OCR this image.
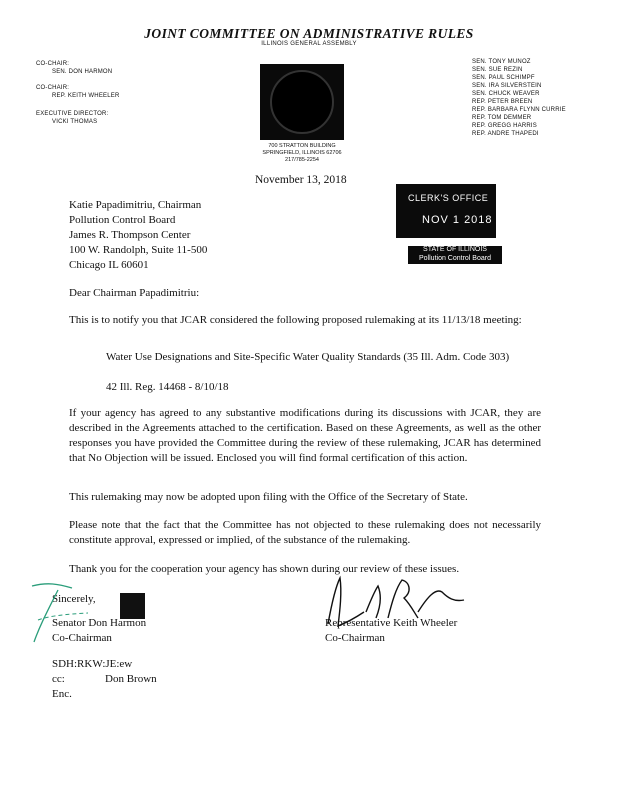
JOINT COMMITTEE ON ADMINISTRATIVE RULES
ILLINOIS GENERAL ASSEMBLY
CO-CHAIR:
SEN. DON HARMON
CO-CHAIR:
REP. KEITH WHEELER
EXECUTIVE DIRECTOR:
VICKI THOMAS
SEN. TONY MUNOZ
SEN. SUE REZIN
SEN. PAUL SCHIMPF
SEN. IRA SILVERSTEIN
SEN. CHUCK WEAVER
REP. PETER BREEN
REP. BARBARA FLYNN CURRIE
REP. TOM DEMMER
REP. GREGG HARRIS
REP. ANDRE THAPEDI
700 STRATTON BUILDING
SPRINGFIELD, ILLINOIS 62706
217/785-2254
November 13, 2018
CLERK'S OFFICE
NOV 1 2018
STATE OF ILLINOIS
Pollution Control Board
Katie Papadimitriu, Chairman
Pollution Control Board
James R. Thompson Center
100 W. Randolph, Suite 11-500
Chicago IL 60601
Dear Chairman Papadimitriu:
This is to notify you that JCAR considered the following proposed rulemaking at its 11/13/18 meeting:
Water Use Designations and Site-Specific Water Quality Standards (35 Ill. Adm. Code 303)
42 Ill. Reg. 14468 - 8/10/18
If your agency has agreed to any substantive modifications during its discussions with JCAR, they are described in the Agreements attached to the certification. Based on these Agreements, as well as the other responses you have provided the Committee during the review of these rulemaking, JCAR has determined that No Objection will be issued. Enclosed you will find formal certification of this action.
This rulemaking may now be adopted upon filing with the Office of the Secretary of State.
Please note that the fact that the Committee has not objected to these rulemaking does not necessarily constitute approval, expressed or implied, of the substance of the rulemaking.
Thank you for the cooperation your agency has shown during our review of these issues.
Sincerely,
Senator Don Harmon
Co-Chairman
Representative Keith Wheeler
Co-Chairman
SDH:RKW:JE:ew
cc:	Don Brown
Enc.
